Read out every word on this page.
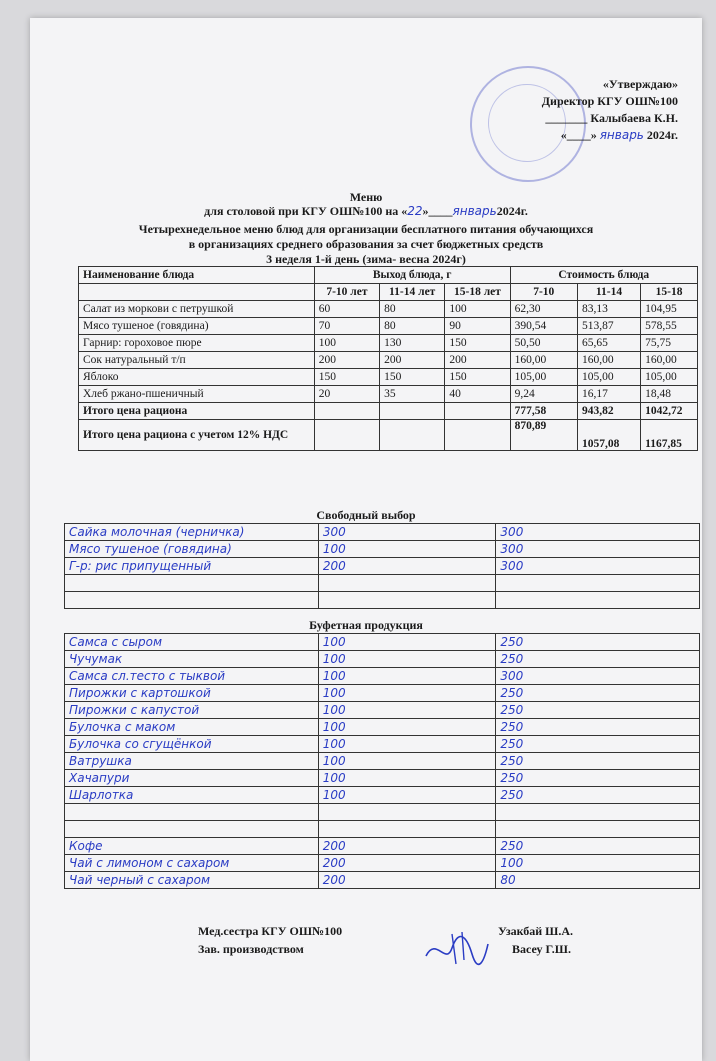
«Утверждаю»
Директор КГУ ОШ№100
_______ Калыбаева К.Н.
«____» январь 2024г.
Меню
для столовой при КГУ ОШ№100 на «22»____январь2024г.
Четырехнедельное меню блюд для организации бесплатного питания обучающихся
в организациях среднего образования за счет бюджетных средств
3 неделя 1-й день (зима- весна 2024г)
Наименование блюда	Выход блюда, г			Стоимость блюда		
	7-10 лет	11-14 лет	15-18 лет	7-10	11-14	15-18
Салат из моркови с петрушкой	60	80	100	62,30	83,13	104,95
Мясо тушеное (говядина)	70	80	90	390,54	513,87	578,55
Гарнир: гороховое пюре	100	130	150	50,50	65,65	75,75
Сок натуральный т/п	200	200	200	160,00	160,00	160,00
Яблоко	150	150	150	105,00	105,00	105,00
Хлеб ржано-пшеничный	20	35	40	9,24	16,17	18,48
Итого цена рациона				777,58	943,82	1042,72
Итого цена рациона с учетом 12% НДС				870,89	1057,08	1167,85
Свободный выбор
Сайка молочная (черничка)	300	300
Мясо тушеное (говядина)	100	300
Г-р: рис припущенный	200	300

Буфетная продукция
Самса с сыром	100	250
Чучумак	100	250
Самса сл.тесто с тыквой	100	300
Пирожки с картошкой	100	250
Пирожки с капустой	100	250
Булочка с маком	100	250
Булочка со сгущёнкой	100	250
Ватрушка	100	250
Хачапури	100	250
Шарлотка	100	250

Кофе	200	250
Чай с лимоном с сахаром	200	100
Чай черный с сахаром	200	80
Мед.сестра КГУ ОШ№100
Зав. производством
Узакбай Ш.А.
Васеу Г.Ш.
